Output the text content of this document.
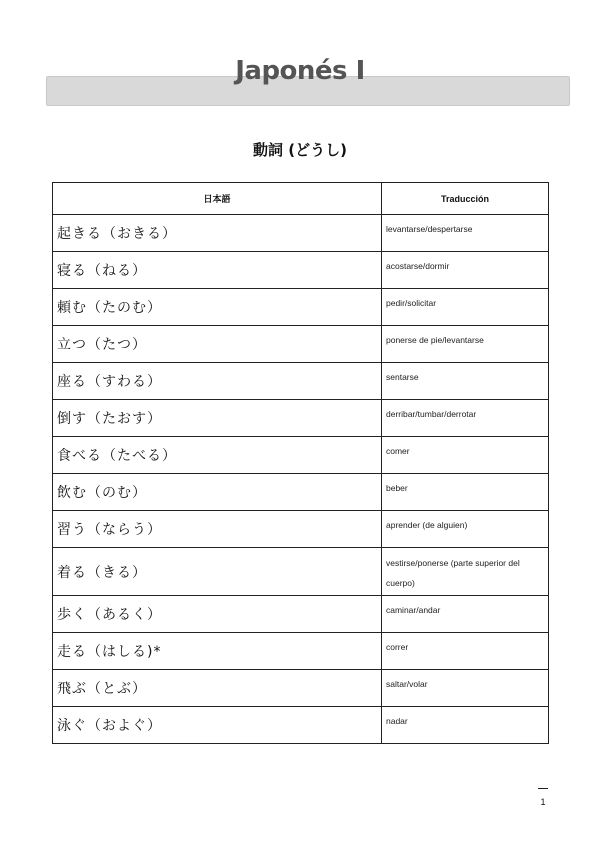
Japonés I
動詞 (どうし)
日本語	Traducción
起きる（おきる）	levantarse/despertarse
寝る（ねる）	acostarse/dormir
頼む（たのむ）	pedir/solicitar
立つ（たつ）	ponerse de pie/levantarse
座る（すわる）	sentarse
倒す（たおす）	derribar/tumbar/derrotar
食べる（たべる）	comer
飲む（のむ）	beber
習う（ならう）	aprender (de alguien)
着る（きる）	vestirse/ponerse (parte superior del cuerpo)
歩く（あるく）	caminar/andar
走る（はしる)*	correr
飛ぶ（とぶ）	saltar/volar
泳ぐ（およぐ）	nadar
1
